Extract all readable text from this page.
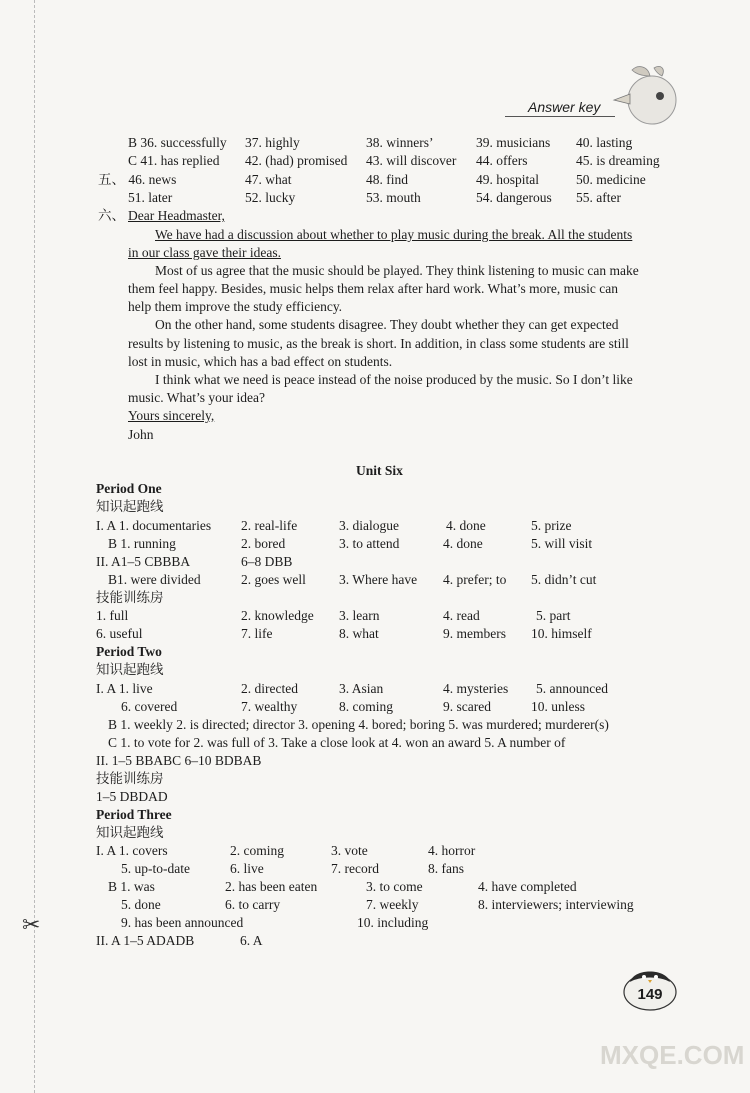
Answer key
B 36. successfully 37. highly	38. winners’	39. musicians 40. lasting
C 41. has replied 42. (had) promised 43. will discover 44. offers	45. is dreaming
五、 46. news	47. what	48. find	49. hospital	50. medicine
51. later	52. lucky	53. mouth	54. dangerous 55. after
六、 Dear Headmaster,
We have had a discussion about whether to play music during the break. All the students
in our class gave their ideas.
Most of us agree that the music should be played. They think listening to music can make
them feel happy. Besides, music helps them relax after hard work. What’s more, music can
help them improve the study efficiency.
On the other hand, some students disagree. They doubt whether they can get expected
results by listening to music, as the break is short. In addition, in class some students are still
lost in music, which has a bad effect on students.
I think what we need is peace instead of the noise produced by the music. So I don’t like
music. What’s your idea?
Yours sincerely,
John
Unit Six
Period One
知识起跑线
I. A 1. documentaries 2. real-life	3. dialogue	4. done	5. prize
B 1. running	2. bored	3. to attend	4. done	5. will visit
II. A1–5 CBBBA	6–8 DBB
B1. were divided	2. goes well 3. Where have 4. prefer; to 5. didn’t cut
技能训练房
1. full	2. knowledge 3. learn	4. read	5. part
6. useful	7. life	8. what	9. members 10. himself
Period Two
知识起跑线
I. A 1. live	2. directed	3. Asian	4. mysteries 5. announced
6. covered	7. wealthy	8. coming	9. scared	10. unless
B 1. weekly 2. is directed; director 3. opening 4. bored; boring 5. was murdered; murderer(s)
C 1. to vote for 2. was full of 3. Take a close look at 4. won an award 5. A number of
II. 1–5 BBABC 6–10 BDBAB
技能训练房
1–5 DBDAD
Period Three
知识起跑线
I. A 1. covers	2. coming	3. vote	4. horror
5. up-to-date	6. live	7. record	8. fans
B 1. was	2. has been eaten	3. to come	4. have completed
5. done	6. to carry	7. weekly	8. interviewers; interviewing
9. has been announced	10. including
II. A 1–5 ADADB	6. A
✂
149
MXQE.COM
